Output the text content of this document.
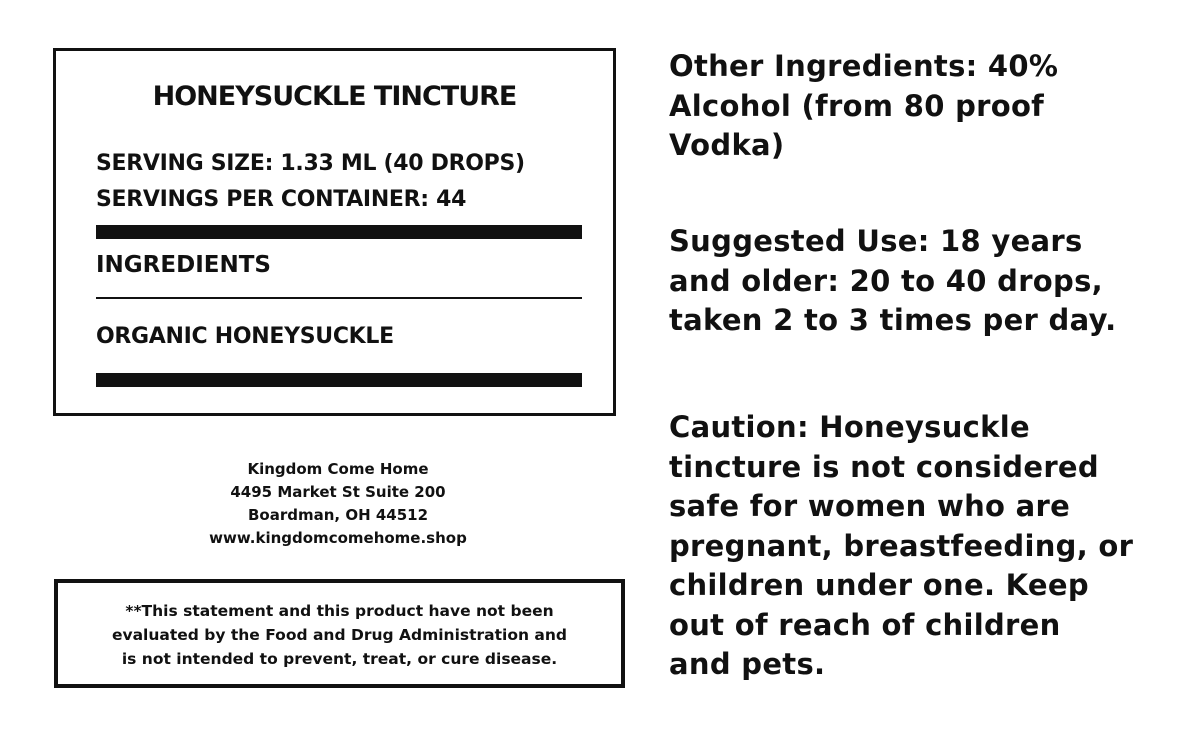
HONEYSUCKLE TINCTURE
SERVING SIZE: 1.33 ML (40 DROPS)
SERVINGS PER CONTAINER: 44
INGREDIENTS
ORGANIC HONEYSUCKLE
Kingdom Come Home
4495 Market St Suite 200
Boardman, OH 44512
www.kingdomcomehome.shop
**This statement and this product have not been
evaluated by the Food and Drug Administration and
is not intended to prevent, treat, or cure disease.
Other Ingredients: 40%
Alcohol (from 80 proof
Vodka)
Suggested Use: 18 years
and older: 20 to 40 drops,
taken 2 to 3 times per day.
Caution: Honeysuckle
tincture is not considered
safe for women who are
pregnant, breastfeeding, or
children under one. Keep
out of reach of children
and pets.
